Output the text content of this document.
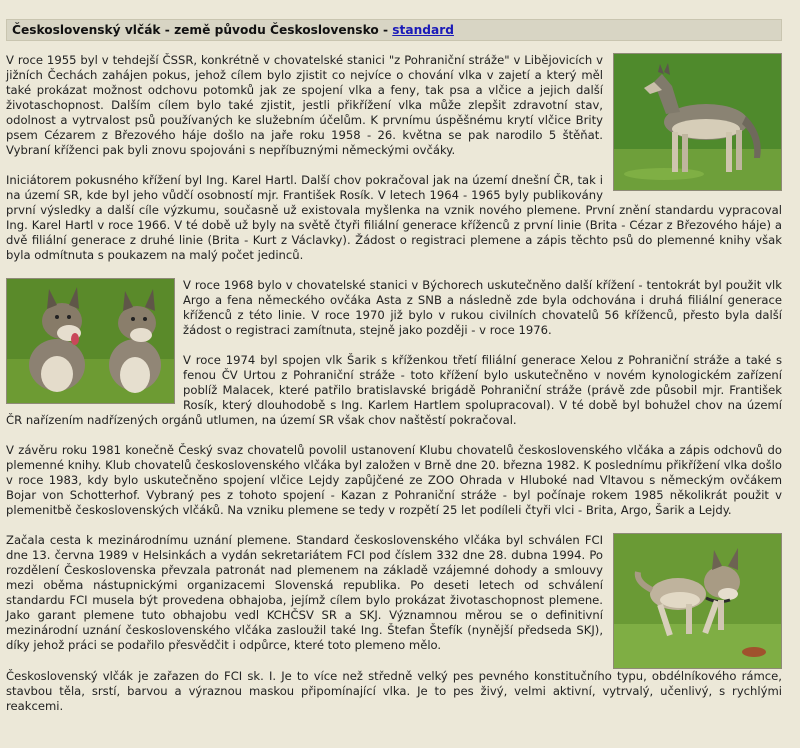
Československý vlčák - země původu Československo - standard

V roce 1955 byl v tehdejší ČSSR, konkrétně v chovatelské stanici "z Pohraniční stráže" v Libějovicích v jižních Čechách zahájen pokus, jehož cílem bylo zjistit co nejvíce o chování vlka v zajetí a který měl také prokázat možnost odchovu potomků jak ze spojení vlka a feny, tak psa a vlčice a jejich další životaschopnost. Dalším cílem bylo také zjistit, jestli přikřížení vlka může zlepšit zdravotní stav, odolnost a vytrvalost psů používaných ke služebním účelům. K prvnímu úspěšnému krytí vlčice Brity psem Cézarem z Březového háje došlo na jaře roku 1958 - 26. května se pak narodilo 5 štěňat. Vybraní kříženci pak byli znovu spojováni s nepříbuznými německými ovčáky.

Iniciátorem pokusného křížení byl Ing. Karel Hartl. Další chov pokračoval jak na území dnešní ČR, tak i na území SR, kde byl jeho vůdčí osobností mjr. František Rosík. V letech 1964 - 1965 byly publikovány první výsledky a další cíle výzkumu, současně už existovala myšlenka na vznik nového plemene. První znění standardu vypracoval Ing. Karel Hartl v roce 1966. V té době už byly na světě čtyři filiální generace kříženců z první linie (Brita - Cézar z Březového háje) a dvě filiální generace z druhé linie (Brita - Kurt z Václavky). Žádost o registraci plemene a zápis těchto psů do plemenné knihy však byla odmítnuta s poukazem na malý počet jedinců.

V roce 1968 bylo v chovatelské stanici v Býchorech uskutečněno další křížení - tentokrát byl použit vlk Argo a fena německého ovčáka Asta z SNB a následně zde byla odchována i druhá filiální generace kříženců z této linie. V roce 1970 již bylo v rukou civilních chovatelů 56 kříženců, přesto byla další žádost o registraci zamítnuta, stejně jako později - v roce 1976.

V roce 1974 byl spojen vlk Šarik s kříženkou třetí filiální generace Xelou z Pohraniční stráže a také s fenou ČV Urtou z Pohraniční stráže - toto křížení bylo uskutečněno v novém kynologickém zařízení poblíž Malacek, které patřilo bratislavské brigádě Pohraniční stráže (právě zde působil mjr. František Rosík, který dlouhodobě s Ing. Karlem Hartlem spolupracoval). V té době byl bohužel chov na území ČR nařízením nadřízených orgánů utlumen, na území SR však chov naštěstí pokračoval.

V závěru roku 1981 konečně Český svaz chovatelů povolil ustanovení Klubu chovatelů československého vlčáka a zápis odchovů do plemenné knihy. Klub chovatelů československého vlčáka byl založen v Brně dne 20. března 1982. K poslednímu přikřížení vlka došlo v roce 1983, kdy bylo uskutečněno spojení vlčice Lejdy zapůjčené ze ZOO Ohrada v Hluboké nad Vltavou s německým ovčákem Bojar von Schotterhof. Vybraný pes z tohoto spojení - Kazan z Pohraniční stráže - byl počínaje rokem 1985 několikrát použit v plemenitbě československých vlčáků. Na vzniku plemene se tedy v rozpětí 25 let podíleli čtyři vlci - Brita, Argo, Šarik a Lejdy.

Začala cesta k mezinárodnímu uznání plemene. Standard československého vlčáka byl schválen FCI dne 13. června 1989 v Helsinkách a vydán sekretariátem FCI pod číslem 332 dne 28. dubna 1994. Po rozdělení Československa převzala patronát nad plemenem na základě vzájemné dohody a smlouvy mezi oběma nástupnickými organizacemi Slovenská republika. Po deseti letech od schválení standardu FCI musela být provedena obhajoba, jejímž cílem bylo prokázat životaschopnost plemene. Jako garant plemene tuto obhajobu vedl KCHČSV SR a SKJ. Významnou měrou se o definitivní mezinárodní uznání československého vlčáka zasloužil také Ing. Štefan Štefík (nynější předseda SKJ), díky jehož práci se podařilo přesvědčit i odpůrce, které toto plemeno mělo.

Československý vlčák je zařazen do FCI sk. I. Je to více než středně velký pes pevného konstitučního typu, obdélníkového rámce, stavbou těla, srstí, barvou a výraznou maskou připomínající vlka. Je to pes živý, velmi aktivní, vytrvalý, učenlivý, s rychlými reakcemi.
